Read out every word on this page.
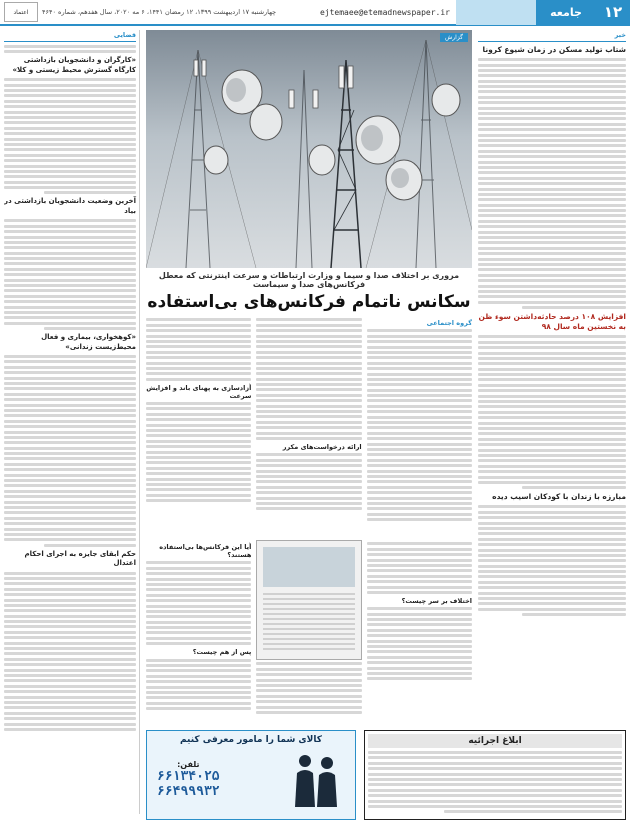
۱۲
جامعه
ejtemaee@etemadnewspaper.ir
چهارشنبه ۱۷ اردیبهشت ۱۳۹۹، ۱۲ رمضان ۱۴۴۱، ۶ مه ۲۰۲۰، سال هفدهم، شماره ۴۶۴۰
اعتماد
خبر
شتاب تولید مسکن در زمان شیوع کرونا
افزایش ۱۰۸ درصد حادثه‌داشتن سوء ظن به نخستین ماه سال ۹۸
مبارزه با زندان با کودکان اسیب دیده
گزارش
مروری بر اختلاف صدا و سیما و وزارت ارتباطات و سرعت اینترنتی که معطل فرکانس‌های صدا و سیماست
سکانس ناتمام فرکانس‌های بی‌استفاده
گروه اجتماعی
ارائه درخواست‌های مکرر
آزادسازی به پهنای باند و افزایش سرعت
اختلاف بر سر چیست؟
آیا این فرکانس‌ها بی‌استفاده هستند؟
پس از هم چیست؟
قضایی
«کارگران و دانشجویان بازداشتی کارگاه گسترش محیط زیستی و کلا»
آخرین وضعیت دانشجویان بازداشتی در بیاد
«کوهخواری، بیماری و فعال محیط‌زیست زندانی»
حکم ابقای جایزه به اجرای احکام اعتدال
کالای شما را مامور معرفی کنیم
تلفن:
۶۶۱۳۴۰۲۵
۶۶۴۹۹۹۳۲
ابلاغ اجرائیه
